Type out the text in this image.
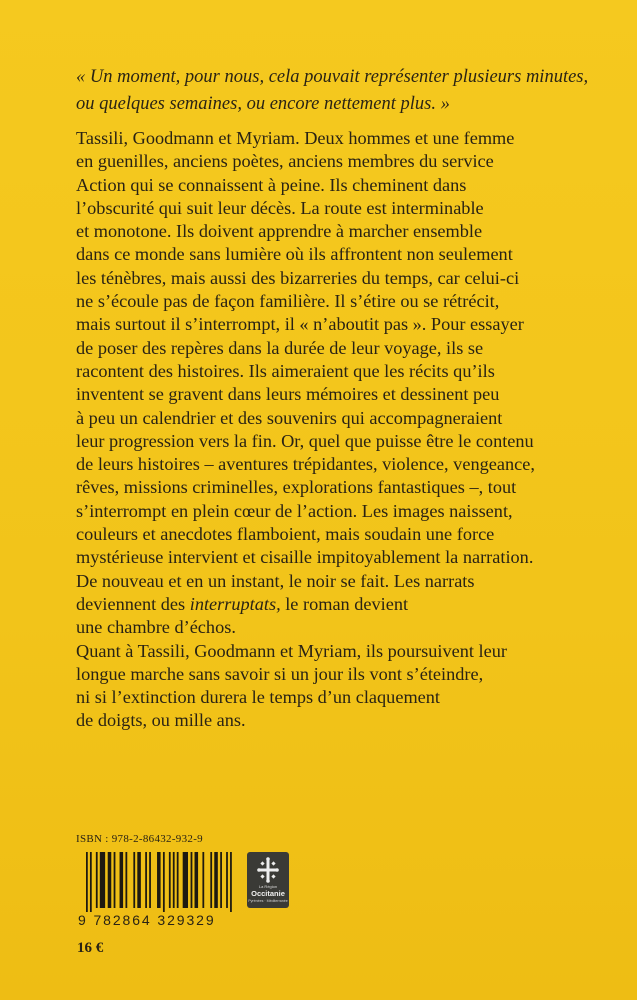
« Un moment, pour nous, cela pouvait représenter plusieurs minutes, ou quelques semaines, ou encore nettement plus. »

Tassili, Goodmann et Myriam. Deux hommes et une femme
en guenilles, anciens poètes, anciens membres du service
Action qui se connaissent à peine. Ils cheminent dans
l’obscurité qui suit leur décès. La route est interminable
et monotone. Ils doivent apprendre à marcher ensemble
dans ce monde sans lumière où ils affrontent non seulement
les ténèbres, mais aussi des bizarreries du temps, car celui-ci
ne s’écoule pas de façon familière. Il s’étire ou se rétrécit,
mais surtout il s’interrompt, il « n’aboutit pas ». Pour essayer
de poser des repères dans la durée de leur voyage, ils se
racontent des histoires. Ils aimeraient que les récits qu’ils
inventent se gravent dans leurs mémoires et dessinent peu
à peu un calendrier et des souvenirs qui accompagneraient
leur progression vers la fin. Or, quel que puisse être le contenu
de leurs histoires – aventures trépidantes, violence, vengeance,
rêves, missions criminelles, explorations fantastiques –, tout
s’interrompt en plein cœur de l’action. Les images naissent,
couleurs et anecdotes flamboient, mais soudain une force
mystérieuse intervient et cisaille impitoyablement la narration.
De nouveau et en un instant, le noir se fait. Les narrats
deviennent des interruptats, le roman devient
une chambre d’échos.
Quant à Tassili, Goodmann et Myriam, ils poursuivent leur
longue marche sans savoir si un jour ils vont s’éteindre,
ni si l’extinction durera le temps d’un claquement
de doigts, ou mille ans.

ISBN : 978-2-86432-932-9

9 782864 329329

16 €

La Région
Occitanie
Pyrénées · Méditerranée
